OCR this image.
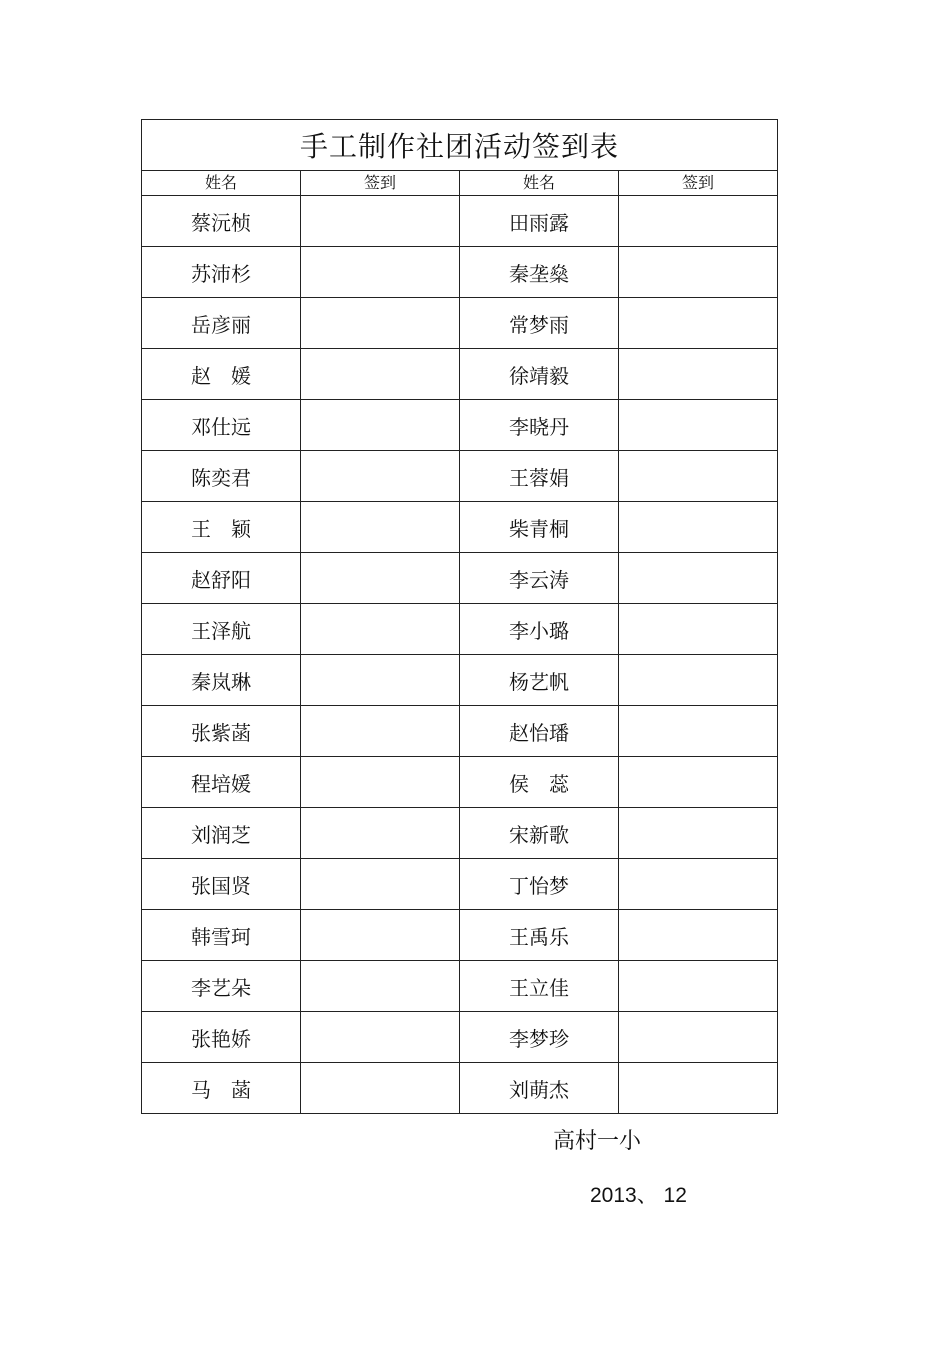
手工制作社团活动签到表			
姓名	签到	姓名	签到
蔡沅桢		田雨露	
苏沛杉		秦垄燊	
岳彦丽		常梦雨	
赵　媛		徐靖毅	
邓仕远		李晓丹	
陈奕君		王蓉娟	
王　颖		柴青桐	
赵舒阳		李云涛	
王泽航		李小璐	
秦岚琳		杨艺帆	
张紫菡		赵怡璠	
程培媛		侯　蕊	
刘润芝		宋新歌	
张国贤		丁怡梦	
韩雪珂		王禹乐	
李艺朵		王立佳	
张艳娇		李梦珍	
马　菡		刘萌杰	
高村一小
2013、 12
